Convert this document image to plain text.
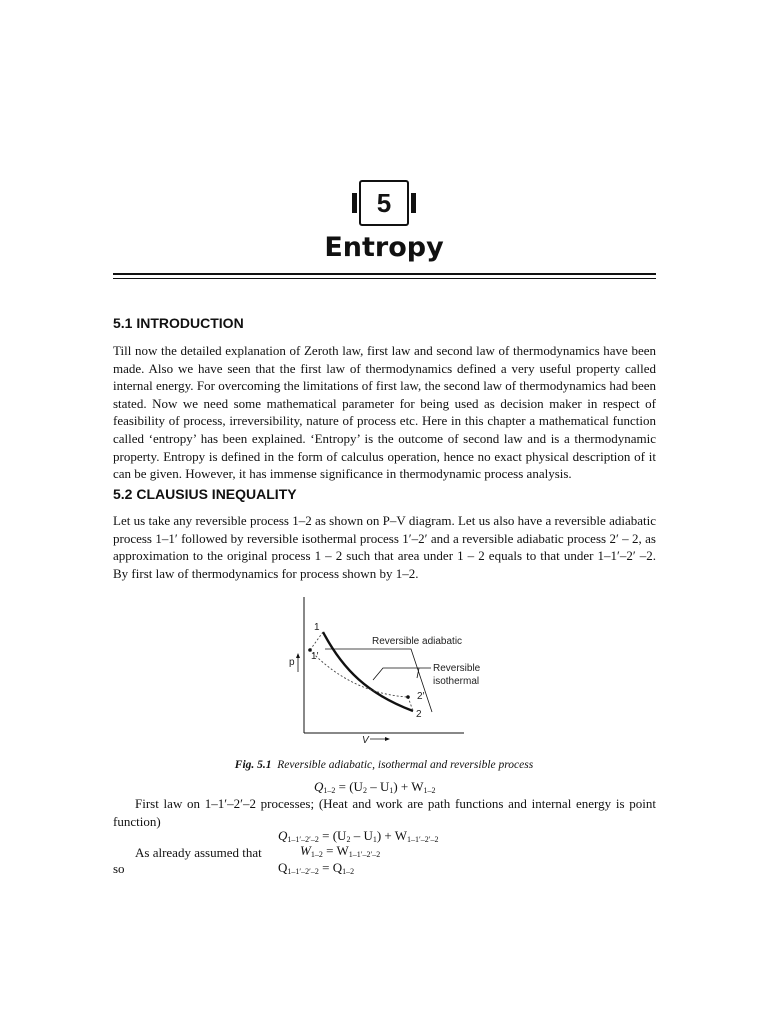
5
Entropy
5.1 INTRODUCTION

Till now the detailed explanation of Zeroth law, first law and second law of thermodynamics have been made. Also we have seen that the first law of thermodynamics defined a very useful property called internal energy. For overcoming the limitations of first law, the second law of thermodynamics had been stated. Now we need some mathematical parameter for being used as decision maker in respect of feasibility of process, irreversibility, nature of process etc. Here in this chapter a mathematical function called ‘entropy’ has been explained. ‘Entropy’ is the outcome of second law and is a thermodynamic property. Entropy is defined in the form of calculus operation, hence no exact physical description of it can be given. However, it has immense significance in thermodynamic process analysis.

5.2 CLAUSIUS INEQUALITY

Let us take any reversible process 1–2 as shown on P–V diagram. Let us also have a reversible adiabatic process 1–1′ followed by reversible isothermal process 1′–2′ and a reversible adiabatic process 2′ – 2, as approximation to the original process 1 – 2 such that area under 1 – 2 equals to that under 1–1′–2′ –2. By first law of thermodynamics for process shown by 1–2.

1
1′
p
Reversible adiabatic
Reversible
isothermal
2′
2
V
Fig. 5.1 Reversible adiabatic, isothermal and reversible process
$Q_{1-2} = (U_2 - U_1) + W_{1-2}$

First law on 1–1′–2′–2 processes; (Heat and work are path functions and internal energy is point function)

$Q_{1-1'-2'-2} = (U_2 - U_1) + W_{1-1'-2'-2}$
As already assumed that	$W_{1-2} = W_{1-1'-2'-2}$
so	$Q_{1-1'-2'-2} = Q_{1-2}$
